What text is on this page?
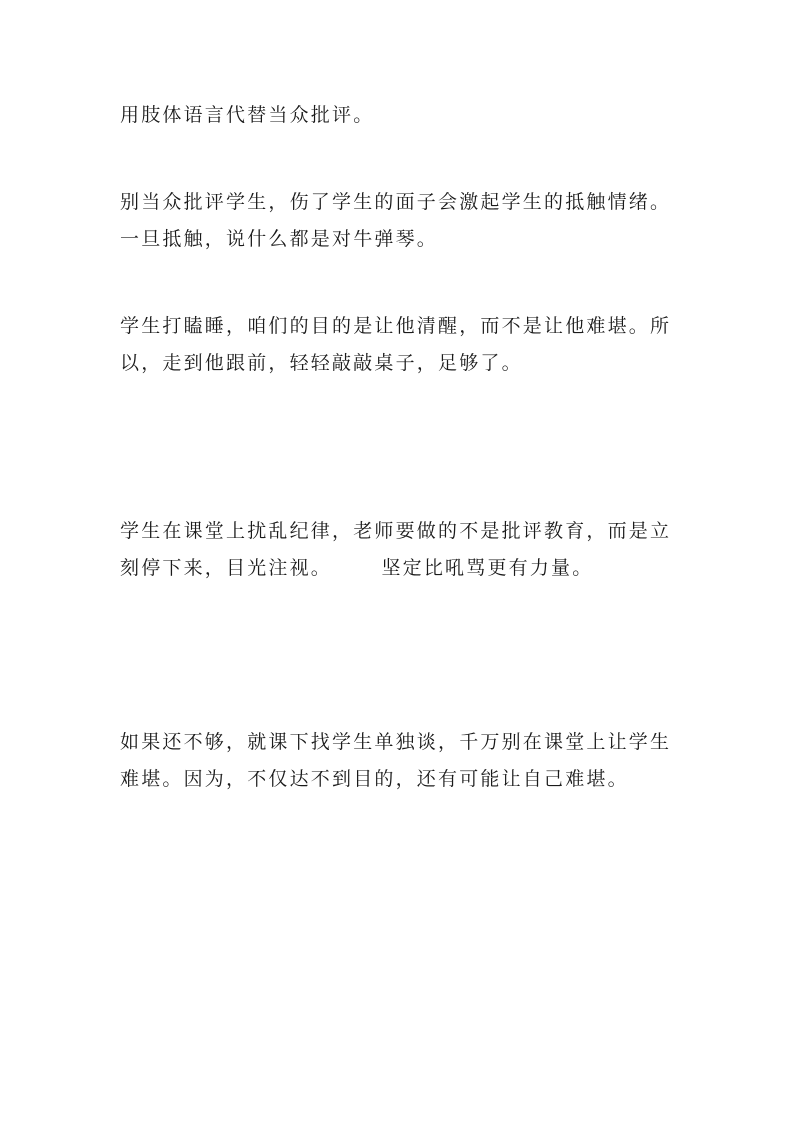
用肢体语言代替当众批评。

别当众批评学生，伤了学生的面子会激起学生的抵触情绪。
一旦抵触，说什么都是对牛弹琴。

学生打瞌睡，咱们的目的是让他清醒，而不是让他难堪。所
以，走到他跟前，轻轻敲敲桌子，足够了。

学生在课堂上扰乱纪律，老师要做的不是批评教育，而是立
刻停下来，目光注视。      坚定比吼骂更有力量。

如果还不够，就课下找学生单独谈，千万别在课堂上让学生
难堪。因为，不仅达不到目的，还有可能让自己难堪。
